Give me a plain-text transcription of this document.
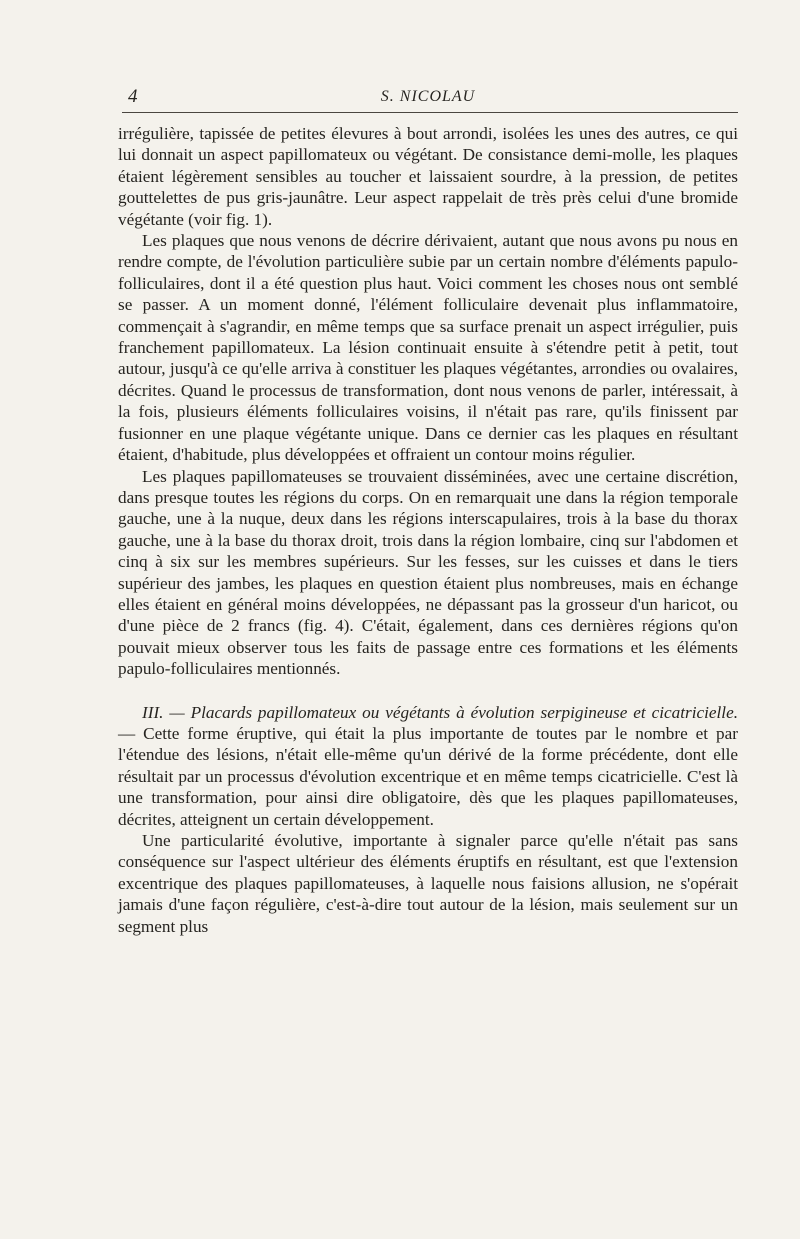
4	S. NICOLAU

irrégulière, tapissée de petites élevures à bout arrondi, isolées les unes des autres, ce qui lui donnait un aspect papillomateux ou végétant. De consistance demi-molle, les plaques étaient légèrement sensibles au toucher et laissaient sourdre, à la pression, de petites gouttelettes de pus gris-jaunâtre. Leur aspect rappelait de très près celui d'une bromide végétante (voir fig. 1).

Les plaques que nous venons de décrire dérivaient, autant que nous avons pu nous en rendre compte, de l'évolution particulière subie par un certain nombre d'éléments papulo-folliculaires, dont il a été question plus haut. Voici comment les choses nous ont semblé se passer. A un moment donné, l'élément folliculaire devenait plus inflammatoire, commençait à s'agrandir, en même temps que sa surface prenait un aspect irrégulier, puis franchement papillomateux. La lésion continuait ensuite à s'étendre petit à petit, tout autour, jusqu'à ce qu'elle arriva à constituer les plaques végétantes, arrondies ou ovalaires, décrites. Quand le processus de transformation, dont nous venons de parler, intéressait, à la fois, plusieurs éléments folliculaires voisins, il n'était pas rare, qu'ils finissent par fusionner en une plaque végétante unique. Dans ce dernier cas les plaques en résultant étaient, d'habitude, plus développées et offraient un contour moins régulier.

Les plaques papillomateuses se trouvaient disséminées, avec une certaine discrétion, dans presque toutes les régions du corps. On en remarquait une dans la région temporale gauche, une à la nuque, deux dans les régions interscapulaires, trois à la base du thorax gauche, une à la base du thorax droit, trois dans la région lombaire, cinq sur l'abdomen et cinq à six sur les membres supérieurs. Sur les fesses, sur les cuisses et dans le tiers supérieur des jambes, les plaques en question étaient plus nombreuses, mais en échange elles étaient en général moins développées, ne dépassant pas la grosseur d'un haricot, ou d'une pièce de 2 francs (fig. 4). C'était, également, dans ces dernières régions qu'on pouvait mieux observer tous les faits de passage entre ces formations et les éléments papulo-folliculaires mentionnés.

III. — Placards papillomateux ou végétants à évolution serpigineuse et cicatricielle. — Cette forme éruptive, qui était la plus importante de toutes par le nombre et par l'étendue des lésions, n'était elle-même qu'un dérivé de la forme précédente, dont elle résultait par un processus d'évolution excentrique et en même temps cicatricielle. C'est là une transformation, pour ainsi dire obligatoire, dès que les plaques papillomateuses, décrites, atteignent un certain développement.

Une particularité évolutive, importante à signaler parce qu'elle n'était pas sans conséquence sur l'aspect ultérieur des éléments éruptifs en résultant, est que l'extension excentrique des plaques papillomateuses, à laquelle nous faisions allusion, ne s'opérait jamais d'une façon régulière, c'est-à-dire tout autour de la lésion, mais seulement sur un segment plus
